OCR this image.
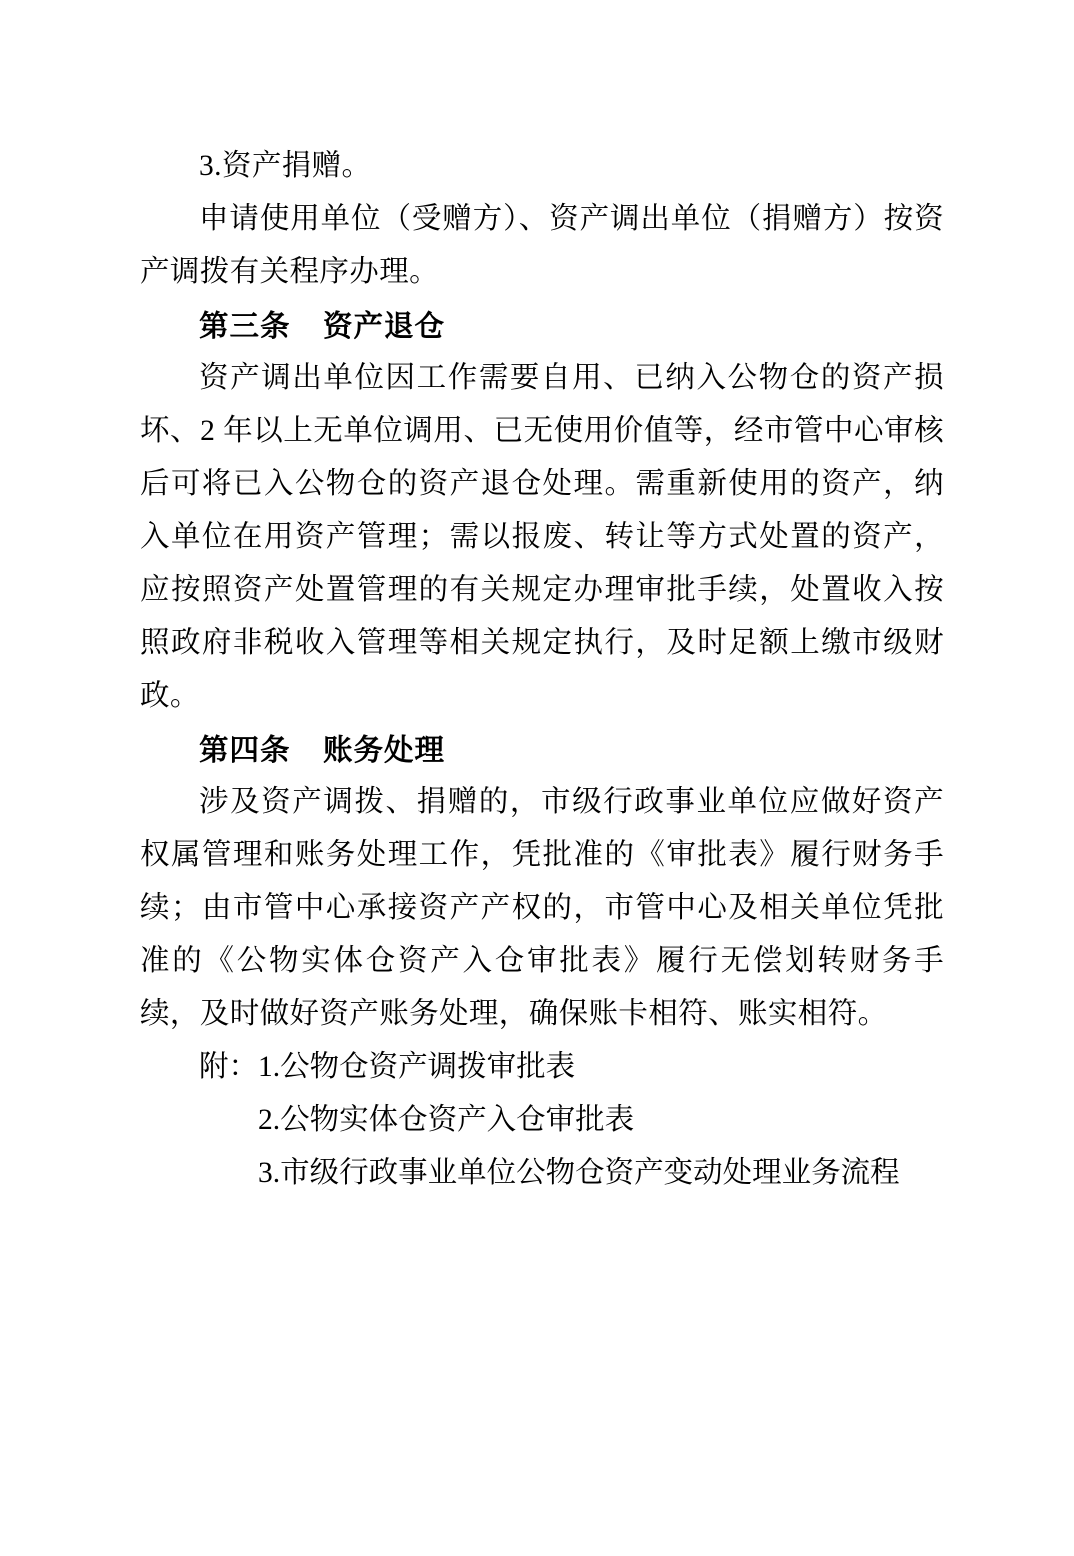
3.资产捐赠。

申请使用单位（受赠方）、资产调出单位（捐赠方）按资产调拨有关程序办理。

第三条 资产退仓

资产调出单位因工作需要自用、已纳入公物仓的资产损坏、2 年以上无单位调用、已无使用价值等，经市管中心审核后可将已入公物仓的资产退仓处理。需重新使用的资产，纳入单位在用资产管理；需以报废、转让等方式处置的资产，应按照资产处置管理的有关规定办理审批手续，处置收入按照政府非税收入管理等相关规定执行，及时足额上缴市级财政。

第四条 账务处理

涉及资产调拨、捐赠的，市级行政事业单位应做好资产权属管理和账务处理工作，凭批准的《审批表》履行财务手续；由市管中心承接资产产权的，市管中心及相关单位凭批准的《公物实体仓资产入仓审批表》履行无偿划转财务手续，及时做好资产账务处理，确保账卡相符、账实相符。

附： 1.公物仓资产调拨审批表
2.公物实体仓资产入仓审批表
3.市级行政事业单位公物仓资产变动处理业务流程
